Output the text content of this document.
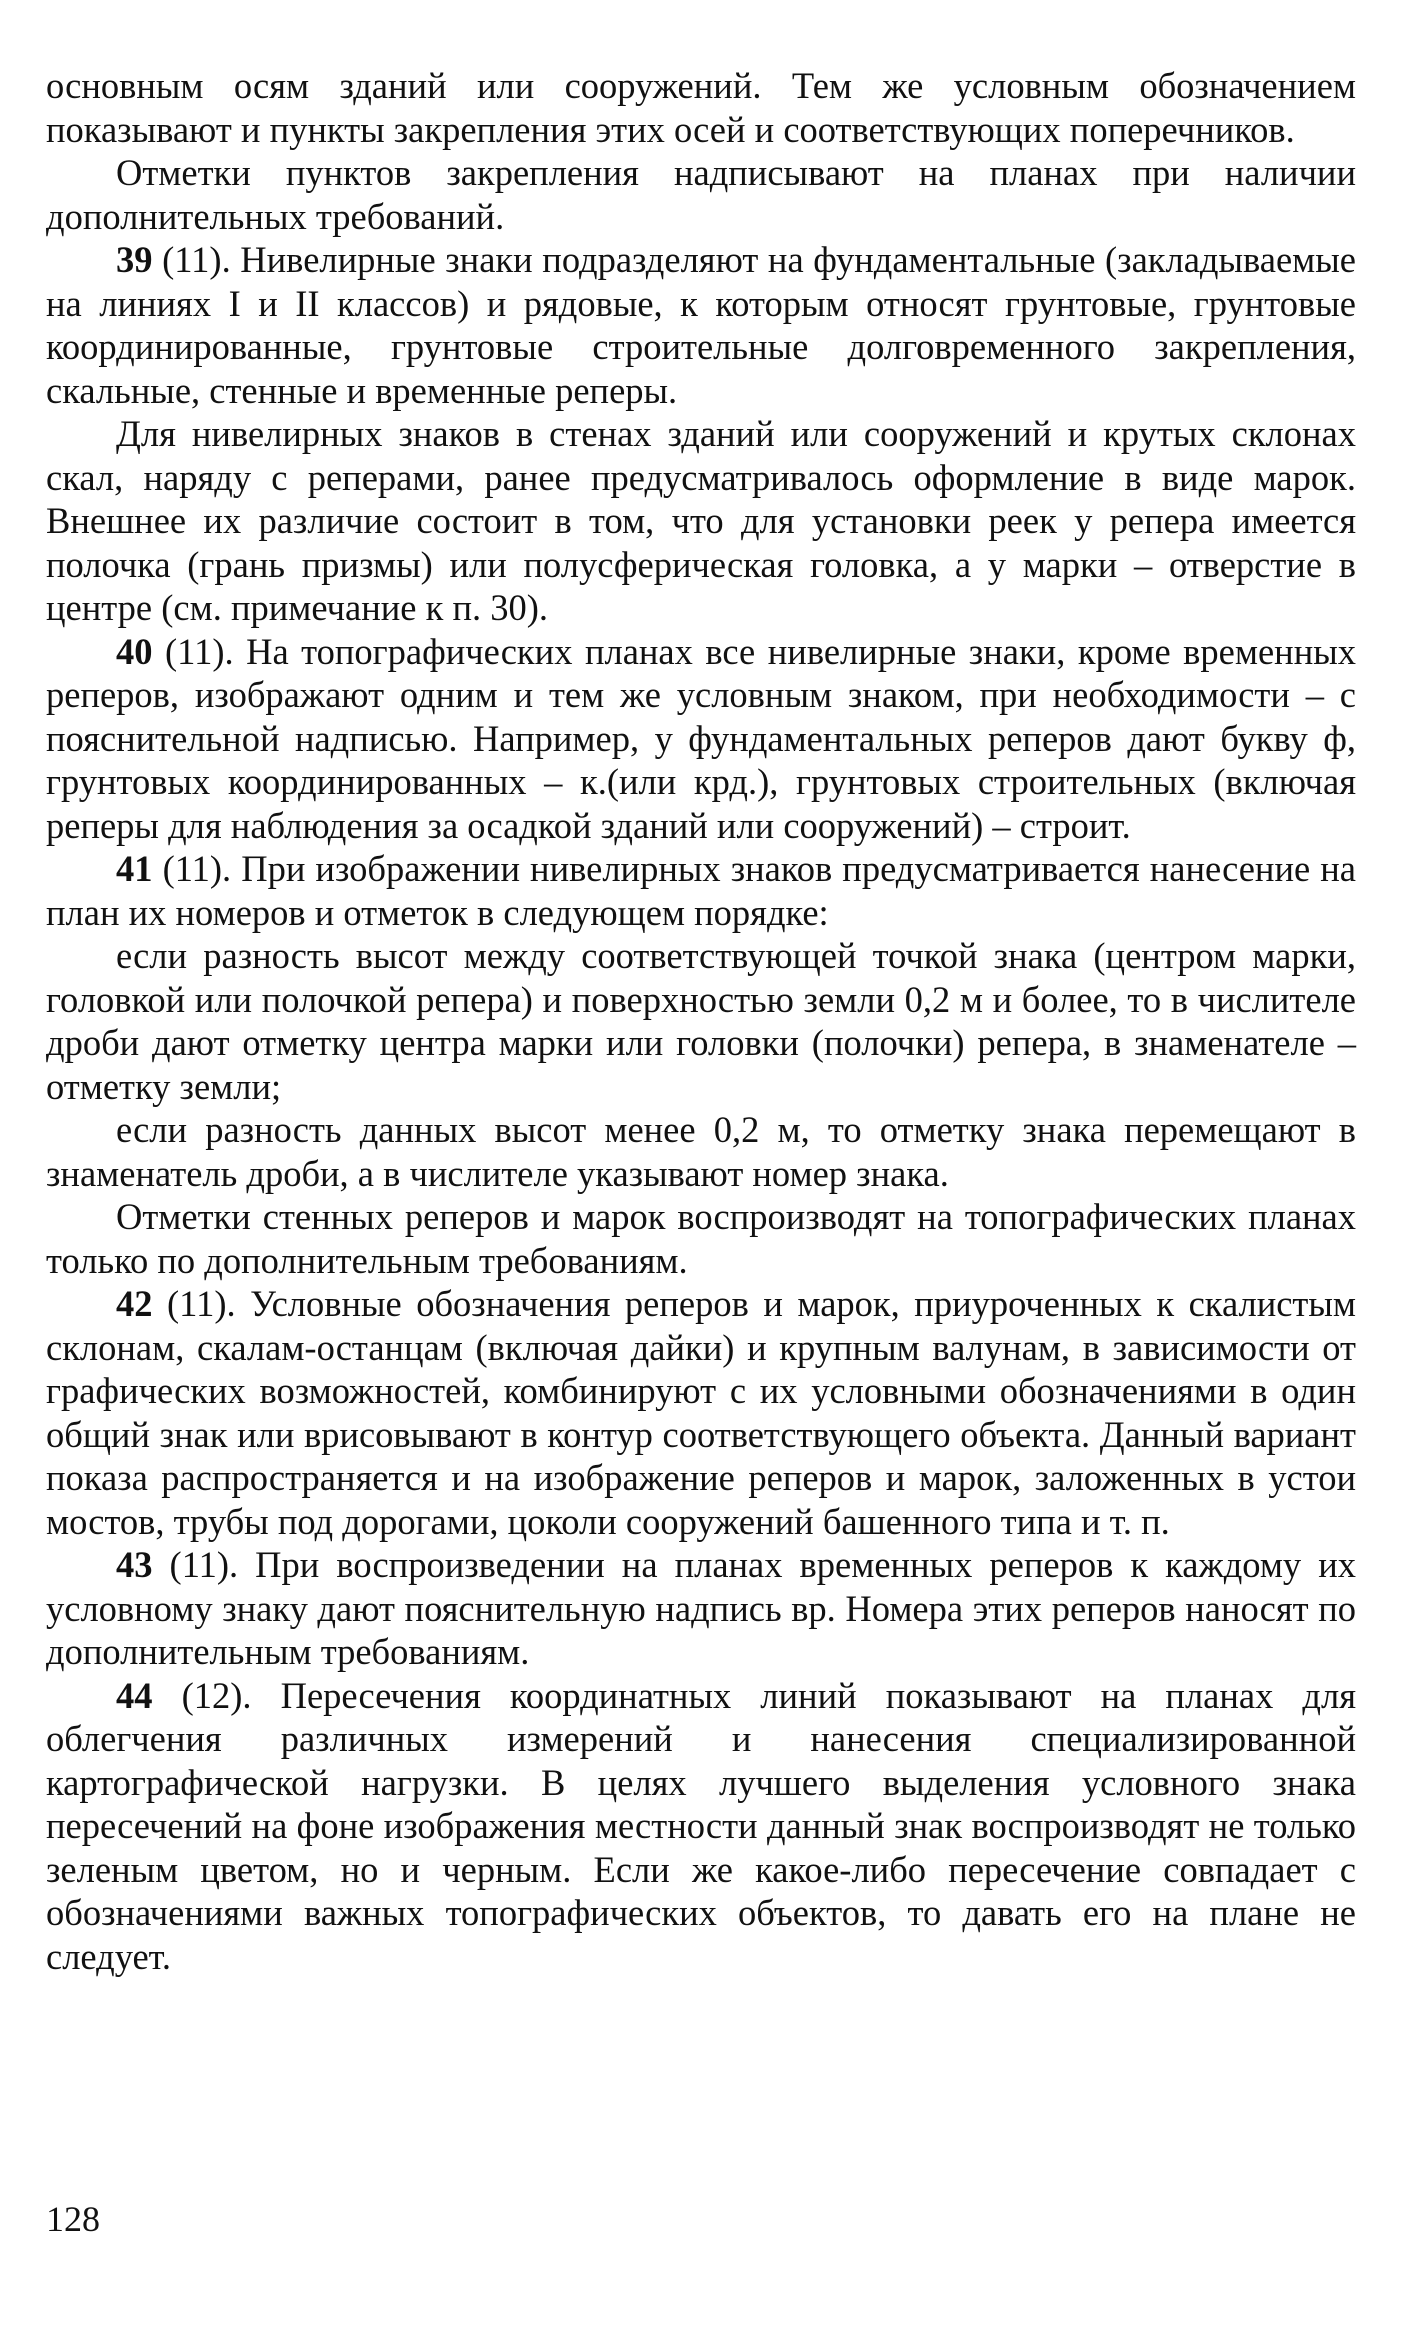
основным осям зданий или сооружений. Тем же условным обозначением показывают и пункты закрепления этих осей и соответствующих поперечников.

Отметки пунктов закрепления надписывают на планах при наличии дополнительных требований.

39 (11). Нивелирные знаки подразделяют на фундаментальные (закладываемые на линиях I и II классов) и рядовые, к которым относят грунтовые, грунтовые координированные, грунтовые строительные долговременного закрепления, скальные, стенные и временные реперы.

Для нивелирных знаков в стенах зданий или сооружений и крутых склонах скал, наряду с реперами, ранее предусматривалось оформление в виде марок. Внешнее их различие состоит в том, что для установки реек у репера имеется полочка (грань призмы) или полусферическая головка, а у марки – отверстие в центре (см. примечание к п. 30).

40 (11). На топографических планах все нивелирные знаки, кроме временных реперов, изображают одним и тем же условным знаком, при необходимости – с пояснительной надписью. Например, у фундаментальных реперов дают букву ф, грунтовых координированных – к.(или крд.), грунтовых строительных (включая реперы для наблюдения за осадкой зданий или сооружений) – строит.

41 (11). При изображении нивелирных знаков предусматривается нанесение на план их номеров и отметок в следующем порядке:

если разность высот между соответствующей точкой знака (центром марки, головкой или полочкой репера) и поверхностью земли 0,2 м и более, то в числителе дроби дают отметку центра марки или головки (полочки) репера, в знаменателе – отметку земли;

если разность данных высот менее 0,2 м, то отметку знака перемещают в знаменатель дроби, а в числителе указывают номер знака.

Отметки стенных реперов и марок воспроизводят на топографических планах только по дополнительным требованиям.

42 (11). Условные обозначения реперов и марок, приуроченных к скалистым склонам, скалам-останцам (включая дайки) и крупным валунам, в зависимости от графических возможностей, комбинируют с их условными обозначениями в один общий знак или врисовывают в контур соответствующего объекта. Данный вариант показа распространяется и на изображение реперов и марок, заложенных в устои мостов, трубы под дорогами, цоколи сооружений башенного типа и т. п.

43 (11). При воспроизведении на планах временных реперов к каждому их условному знаку дают пояснительную надпись вр. Номера этих реперов наносят по дополнительным требованиям.

44 (12). Пересечения координатных линий показывают на планах для облегчения различных измерений и нанесения специализированной картографической нагрузки. В целях лучшего выделения условного знака пересечений на фоне изображения местности данный знак воспроизводят не только зеленым цветом, но и черным. Если же какое-либо пересечение совпадает с обозначениями важных топографических объектов, то давать его на плане не следует.

128
